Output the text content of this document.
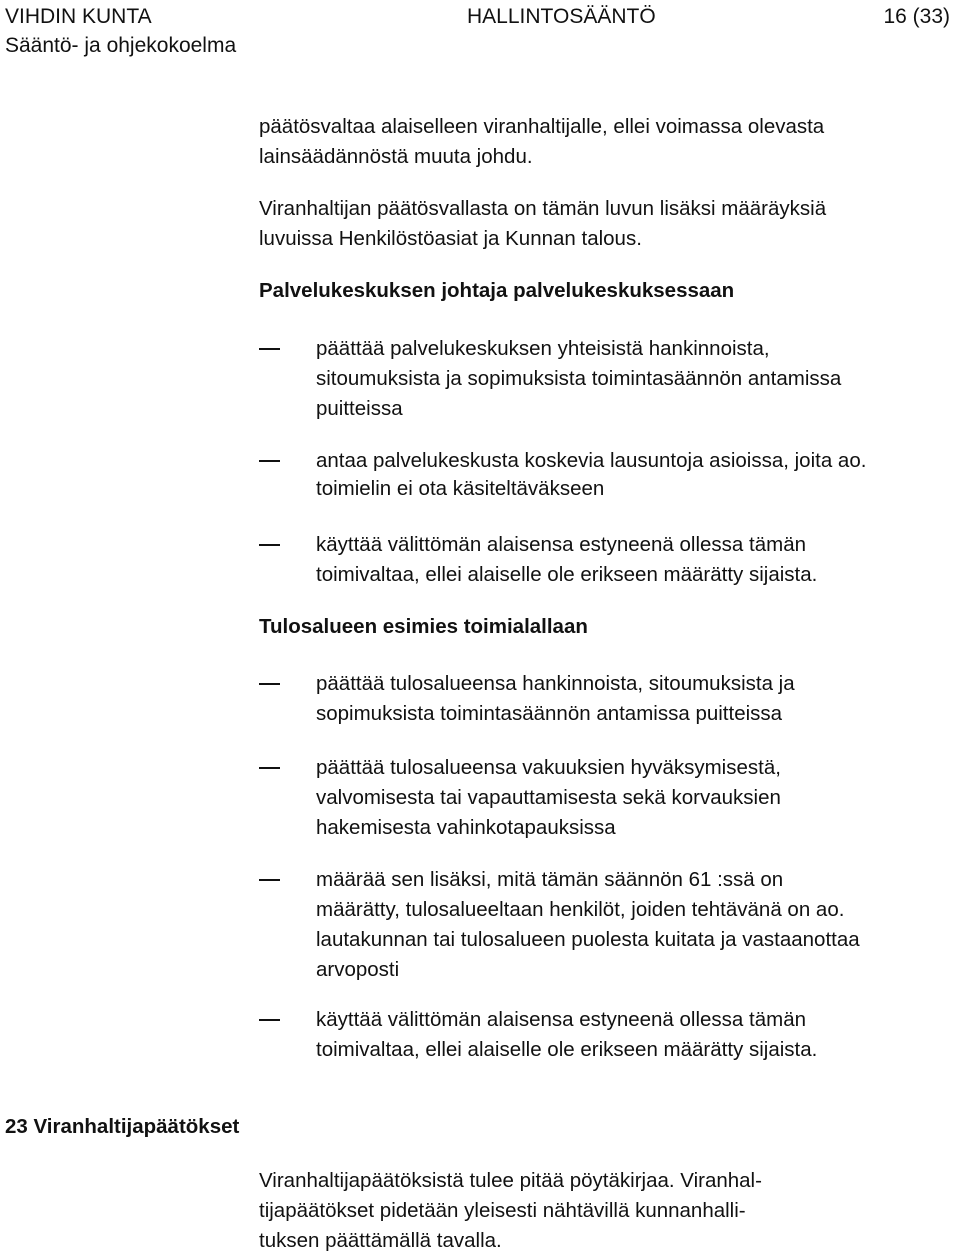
VIHDIN KUNTA
Sääntö- ja ohjekokoelma
HALLINTOSÄÄNTÖ	16 (33)

päätösvaltaa alaiselleen viranhaltijalle, ellei voimassa olevasta
lainsäädännöstä muuta johdu.

Viranhaltijan päätösvallasta on tämän luvun lisäksi määräyksiä
luvuissa Henkilöstöasiat ja Kunnan talous.

Palvelukeskuksen johtaja palvelukeskuksessaan
päättää palvelukeskuksen yhteisistä hankinnoista,
sitoumuksista ja sopimuksista toimintasäännön antamissa
puitteissa
antaa palvelukeskusta koskevia lausuntoja asioissa, joita ao.
toimielin ei ota käsiteltäväkseen
käyttää välittömän alaisensa estyneenä ollessa tämän
toimivaltaa, ellei alaiselle ole erikseen määrätty sijaista.
Tulosalueen esimies toimialallaan
päättää tulosalueensa hankinnoista, sitoumuksista ja
sopimuksista toimintasäännön antamissa puitteissa
päättää tulosalueensa vakuuksien hyväksymisestä,
valvomisesta tai vapauttamisesta sekä korvauksien
hakemisesta vahinkotapauksissa
määrää sen lisäksi, mitä tämän säännön 61 :ssä on
määrätty, tulosalueeltaan henkilöt, joiden tehtävänä on ao.
lautakunnan tai tulosalueen puolesta kuitata ja vastaanottaa
arvoposti
käyttää välittömän alaisensa estyneenä ollessa tämän
toimivaltaa, ellei alaiselle ole erikseen määrätty sijaista.
23 Viranhaltijapäätökset
Viranhaltijapäätöksistä tulee pitää pöytäkirjaa. Viranhal-
tijapäätökset pidetään yleisesti nähtävillä kunnanhalli-
tuksen päättämällä tavalla.
